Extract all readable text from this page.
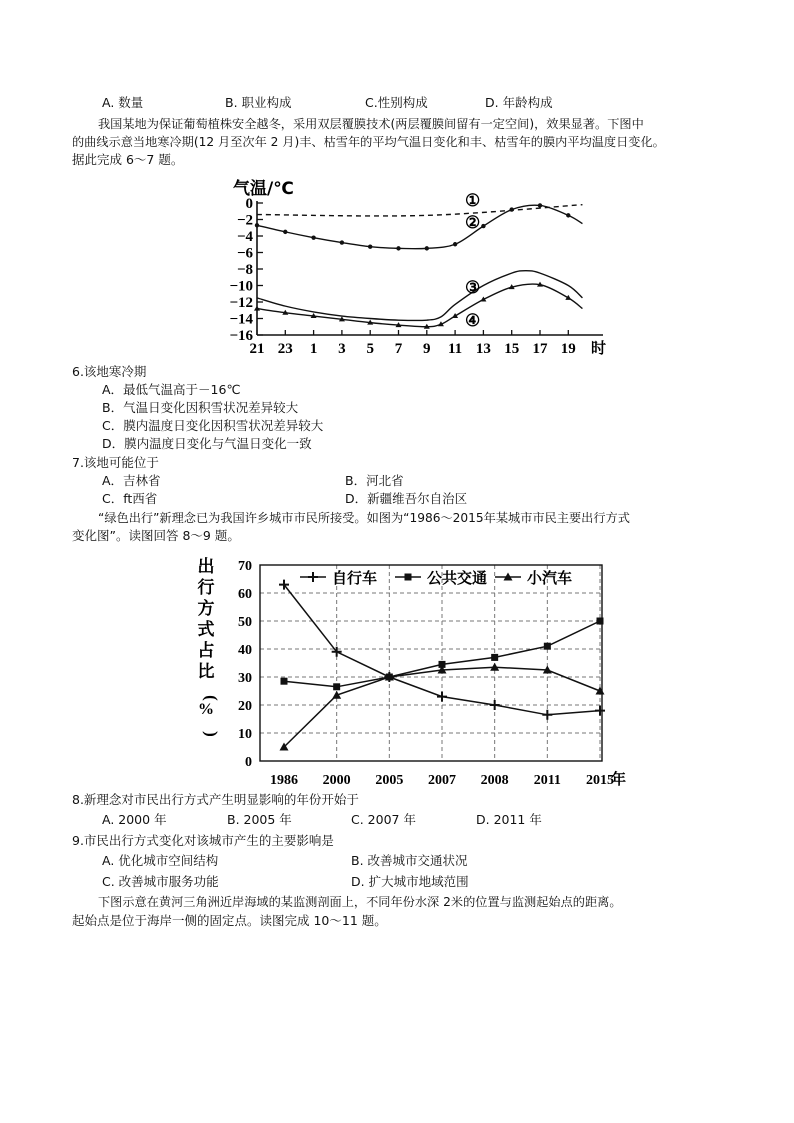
A. 数量	B. 职业构成	C.性别构成	D. 年龄构成
我国某地为保证葡萄植株安全越冬，采用双层覆膜技术(两层覆膜间留有一定空间)，效果显著。下图中
的曲线示意当地寒冷期(12 月至次年 2 月)丰、枯雪年的平均气温日变化和丰、枯雪年的膜内平均温度日变化。
据此完成 6～7 题。
0
−2
−4
−6
−8
−10
−12
−14
−16
21 23 1 3 5 7 9 11 13 15 17 19 时
气温/℃
①
②
③
④
6.该地寒冷期
A．最低气温高于－16℃
B．气温日变化因积雪状况差异较大
C．膜内温度日变化因积雪状况差异较大
D．膜内温度日变化与气温日变化一致
7.该地可能位于
A．吉林省	B．河北省
C．ft西省	D．新疆维吾尔自治区
“绿色出行”新理念已为我国许乡城市市民所接受。如图为“1986～2015年某城市市民主要出行方式
变化图”。读图回答 8～9 题。
0
10
20
30
40
50
60
70
1986 2000 2005 2007 2008 2011 2015
年
出
行
方
式
占
比
(
%
)
自行车	公共交通	小汽车
8.新理念对市民出行方式产生明显影响的年份开始于
A. 2000 年	B. 2005 年	C. 2007 年	D. 2011 年
9.市民出行方式变化对该城市产生的主要影响是
A. 优化城市空间结构	B. 改善城市交通状况
C. 改善城市服务功能	D. 扩大城市地域范围
下图示意在黄河三角洲近岸海域的某监测剖面上，不同年份水深 2米的位置与监测起始点的距离。
起始点是位于海岸一侧的固定点。读图完成 10～11 题。
